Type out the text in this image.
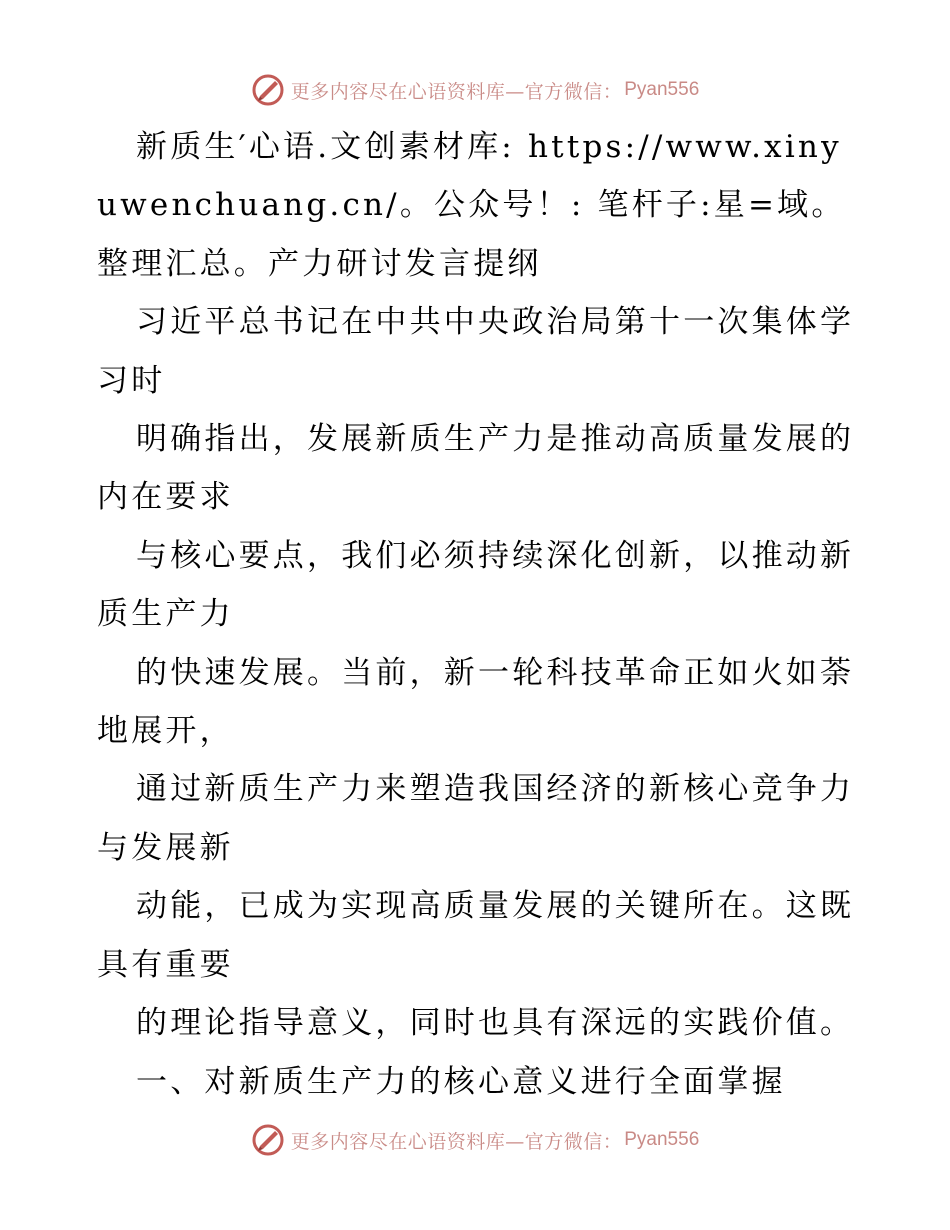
更多内容尽在心语资料库—官方微信： Pyan556

新质生′心语.文创素材库: https://www.xinyuwenchuang.cn/。公众号！: 笔杆子:星=域。整理汇总。产力研讨发言提纲

习近平总书记在中共中央政治局第十一次集体学习时

明确指出，发展新质生产力是推动高质量发展的内在要求

与核心要点，我们必须持续深化创新，以推动新质生产力

的快速发展。当前，新一轮科技革命正如火如荼地展开，

通过新质生产力来塑造我国经济的新核心竞争力与发展新

动能，已成为实现高质量发展的关键所在。这既具有重要

的理论指导意义，同时也具有深远的实践价值。

一、对新质生产力的核心意义进行全面掌握

更多内容尽在心语资料库—官方微信： Pyan556
